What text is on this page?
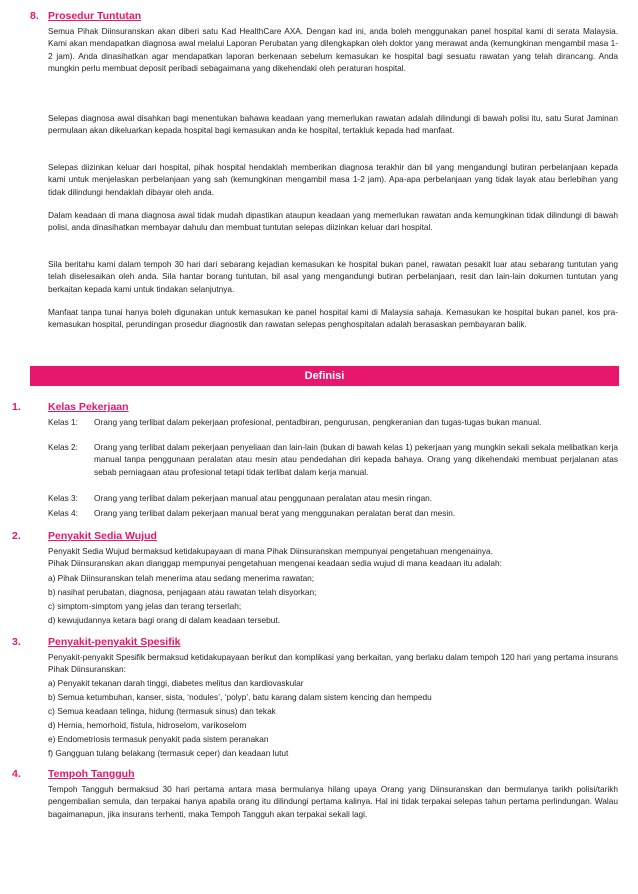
8. Prosedur Tuntutan

Semua Pihak Diinsuranskan akan diberi satu Kad HealthCare AXA. Dengan kad ini, anda boleh menggunakan panel hospital kami di serata Malaysia. Kami akan mendapatkan diagnosa awal melalui Laporan Perubatan yang dilengkapkan oleh doktor yang merawat anda (kemungkinan mengambil masa 1-2 jam). Anda dinasihatkan agar mendapatkan laporan berkenaan sebelum kemasukan ke hospital bagi sesuatu rawatan yang telah dirancang. Anda mungkin perlu membuat deposit peribadi sebagaimana yang dikehendaki oleh peraturan hospital.

Selepas diagnosa awal disahkan bagi menentukan bahawa keadaan yang memerlukan rawatan adalah dilindungi di bawah polisi itu, satu Surat Jaminan permulaan akan dikeluarkan kepada hospital bagi kemasukan anda ke hospital, tertakluk kepada had manfaat.

Selepas diizinkan keluar dari hospital, pihak hospital hendaklah memberikan diagnosa terakhir dan bil yang mengandungi butiran perbelanjaan kepada kami untuk menjelaskan perbelanjaan yang sah (kemungkinan mengambil masa 1-2 jam). Apa-apa perbelanjaan yang tidak layak atau berlebihan yang tidak dilindungi hendaklah dibayar oleh anda.

Dalam keadaan di mana diagnosa awal tidak mudah dipastikan ataupun keadaan yang memerlukan rawatan anda kemungkinan tidak dilindungi di bawah polisi, anda dinasihatkan membayar dahulu dan membuat tuntutan selepas diizinkan keluar dari hospital.

Sila beritahu kami dalam tempoh 30 hari dari sebarang kejadian kemasukan ke hospital bukan panel, rawatan pesakit luar atau sebarang tuntutan yang telah diselesaikan oleh anda. Sila hantar borang tuntutan, bil asal yang mengandungi butiran perbelanjaan, resit dan lain-lain dokumen tuntutan yang berkaitan kepada kami untuk tindakan selanjutnya.

Manfaat tanpa tunai hanya boleh digunakan untuk kemasukan ke panel hospital kami di Malaysia sahaja. Kemasukan ke hospital bukan panel, kos pra-kemasukan hospital, perundingan prosedur diagnostik dan rawatan selepas penghospitalan adalah berasaskan pembayaran balik.

Definisi
1.	Kelas Pekerjaan
Kelas 1:	Orang yang terlibat dalam pekerjaan profesional, pentadbiran, pengurusan, pengkeranian dan tugas-tugas bukan manual.
Kelas 2:	Orang yang terlibat dalam pekerjaan penyeliaan dan lain-lain (bukan di bawah kelas 1) pekerjaan yang mungkin sekali sekala melibatkan kerja manual tanpa penggunaan peralatan atau mesin atau pendedahan diri kepada bahaya. Orang yang dikehendaki membuat perjalanan atas sebab perniagaan atau profesional tetapi tidak terlibat dalam kerja manual.
Kelas 3:	Orang yang terlibat dalam pekerjaan manual atau penggunaan peralatan atau mesin ringan.
Kelas 4:	Orang yang terlibat dalam pekerjaan manual berat yang menggunakan peralatan berat dan mesin.
2.	Penyakit Sedia Wujud

Penyakit Sedia Wujud bermaksud ketidakupayaan di mana Pihak Diinsuranskan mempunyai pengetahuan mengenainya.

Pihak Diinsuranskan akan dianggap mempunyai pengetahuan mengenai keadaan sedia wujud di mana keadaan itu adalah:

a) Pihak Diinsuranskan telah menerima atau sedang menerima rawatan;

b) nasihat perubatan, diagnosa, penjagaan atau rawatan telah disyorkan;

c) simptom-simptom yang jelas dan terang terserlah;

d) kewujudannya ketara bagi orang di dalam keadaan tersebut.

3.	Penyakit-penyakit Spesifik

Penyakit-penyakit Spesifik bermaksud ketidakupayaan berikut dan komplikasi yang berkaitan, yang berlaku dalam tempoh 120 hari yang pertama insurans Pihak Diinsuranskan:

a) Penyakit tekanan darah tinggi, diabetes melitus dan kardiovaskular

b) Semua ketumbuhan, kanser, sista, ‘nodules’, ‘polyp’, batu karang dalam sistem kencing dan hempedu

c) Semua keadaan telinga, hidung (termasuk sinus) dan tekak

d) Hernia, hemorhoid, fistula, hidroselom, varikoselom

e) Endometriosis termasuk penyakit pada sistem peranakan

f) Gangguan tulang belakang (termasuk ceper) dan keadaan lutut

4.	Tempoh Tangguh

Tempoh Tangguh bermaksud 30 hari pertama antara masa bermulanya hilang upaya Orang yang Diinsuranskan dan bermulanya tarikh polisi/tarikh pengembalian semula, dan terpakai hanya apabila orang itu dilindungi pertama kalinya. Hal ini tidak terpakai selepas tahun pertama perlindungan. Walau bagaimanapun, jika insurans terhenti, maka Tempoh Tangguh akan terpakai sekali lagi.
